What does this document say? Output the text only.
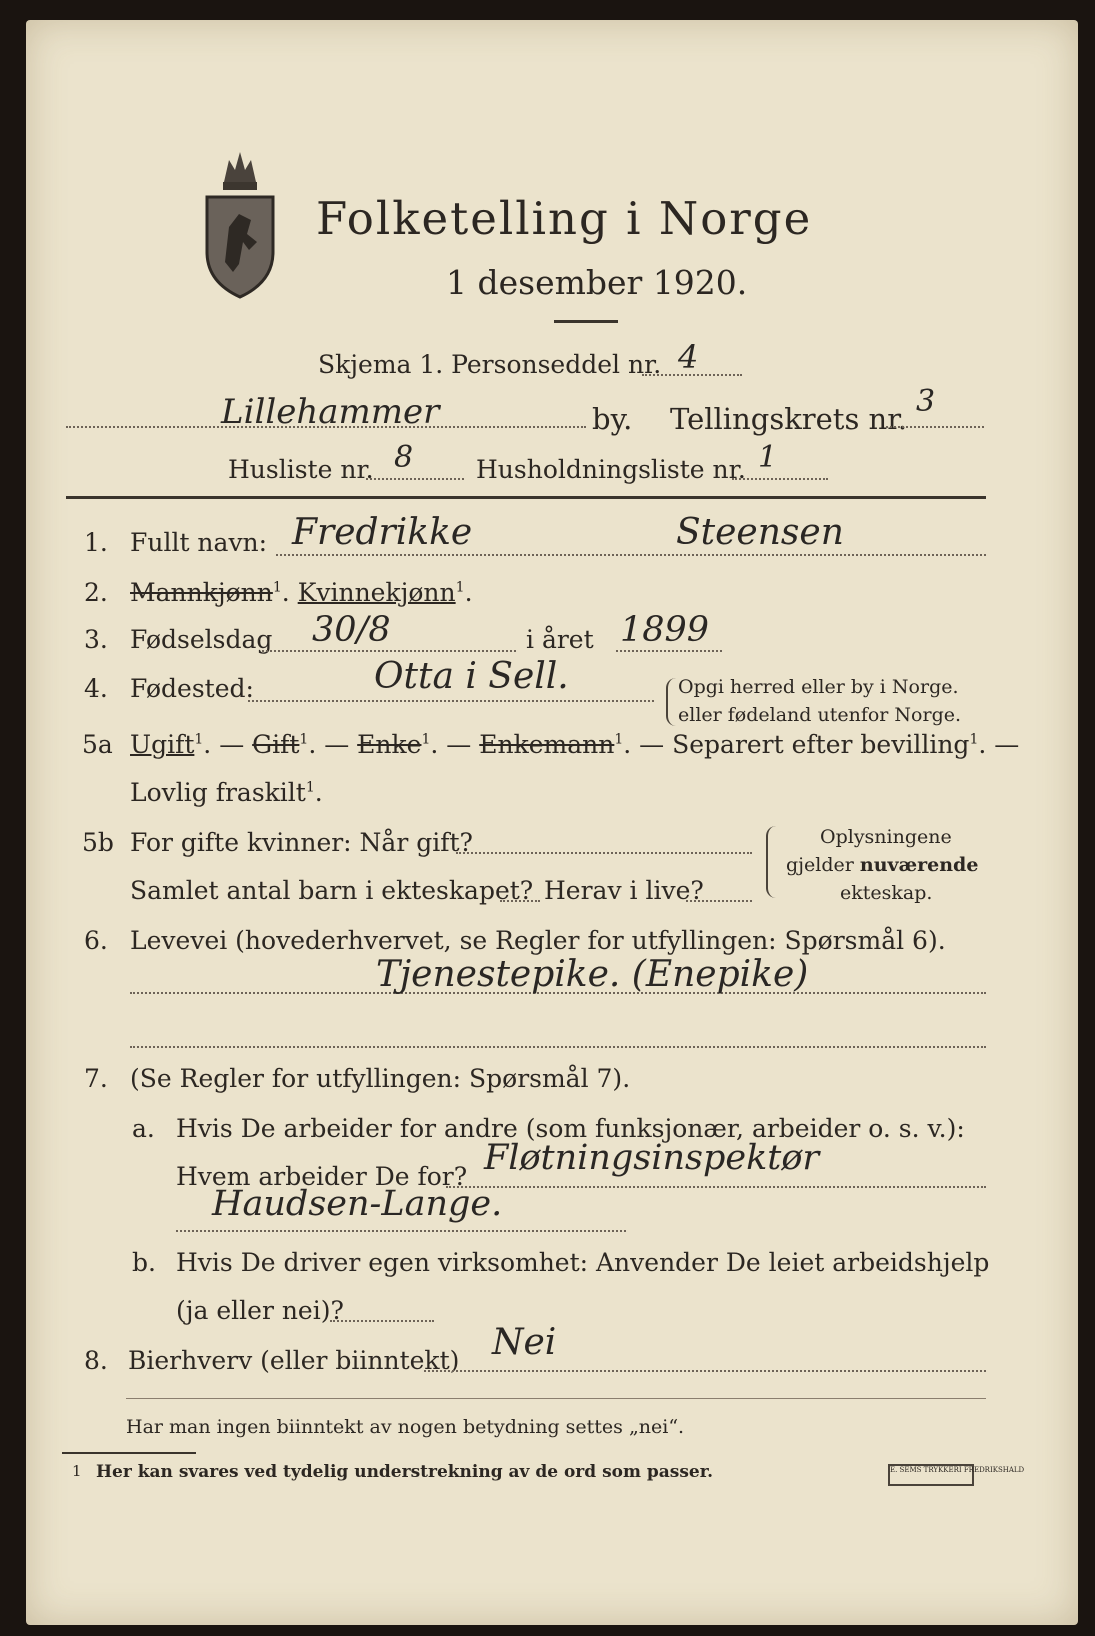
Folketelling i Norge
1 desember 1920.
Skjema 1. Personseddel nr. 4
Lillehammer	by. Tellingskrets nr. 3
Husliste nr. 8	Husholdningsliste nr. 1
1. Fullt navn: Fredrikke	Steensen
2. Mannkjønn$^1$. Kvinnekjønn$^1$.
3. Fødselsdag 30/8	i året 1899
4. Fødested:	Otta i Sell.	Opgi herred eller by i Norge.
eller fødeland utenfor Norge.
5a Ugift$^1$. — Gift$^1$. — Enke$^1$. — Enkemann$^1$. — Separert efter bevilling$^1$. —
Lovlig fraskilt$^1$.
5b For gifte kvinner: Når gift?
Samlet antal barn i ekteskapet? Herav i live?
Oplysningene
gjelder nuværende
ekteskap.
6. Levevei (hovederhvervet, se Regler for utfyllingen: Spørsmål 6).
Tjenestepike. (Enepike)
7. (Se Regler for utfyllingen: Spørsmål 7).
a. Hvis De arbeider for andre (som funksjonær, arbeider o. s. v.):
Hvem arbeider De for? Fløtningsinspektør
Haudsen-Lange.
b. Hvis De driver egen virksomhet: Anvender De leiet arbeidshjelp
(ja eller nei)?
8. Bierhverv (eller biinntekt) Nei
Har man ingen biinntekt av nogen betydning settes „nei“.
1 Her kan svares ved tydelig understrekning av de ord som passer.	E. SEMS TRYKKERI FREDRIKSHALD
